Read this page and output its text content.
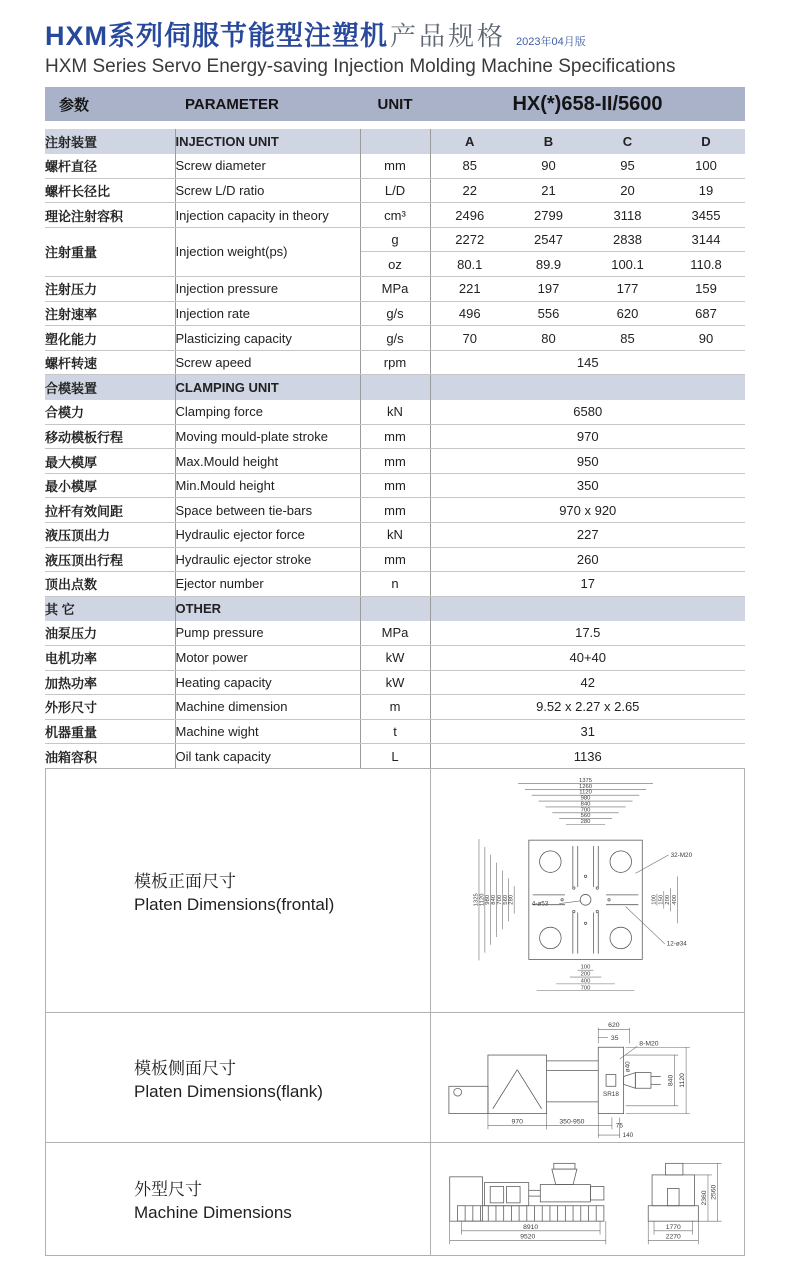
HXM系列伺服节能型注塑机 产品规格 2023年04月版
HXM Series Servo Energy-saving Injection Molding Machine Specifications
参数	PARAMETER	UNIT	HX(*)658-II/5600
注射装置	INJECTION UNIT		A	B	C	D
螺杆直径	Screw diameter	mm	85	90	95	100
螺杆长径比	Screw L/D ratio	L/D	22	21	20	19
理论注射容积	Injection capacity in theory	cm³	2496	2799	3118	3455
注射重量	Injection weight(ps)	g	2272	2547	2838	3144
		oz	80.1	89.9	100.1	110.8
注射压力	Injection pressure	MPa	221	197	177	159
注射速率	Injection rate	g/s	496	556	620	687
塑化能力	Plasticizing capacity	g/s	70	80	85	90
螺杆转速	Screw apeed	rpm	145			
合模装置	CLAMPING UNIT					
合模力	Clamping force	kN	6580			
移动模板行程	Moving mould-plate stroke	mm	970			
最大模厚	Max.Mould height	mm	950			
最小模厚	Min.Mould height	mm	350			
拉杆有效间距	Space between tie-bars	mm	970 x 920			
液压顶出力	Hydraulic ejector force	kN	227			
液压顶出行程	Hydraulic ejector stroke	mm	260			
顶出点数	Ejector number	n	17			
其 它	OTHER					
油泵压力	Pump pressure	MPa	17.5			
电机功率	Motor power	kW	40+40			
加热功率	Heating capacity	kW	42			
外形尺寸	Machine dimension	m	9.52 x 2.27 x 2.65			
机器重量	Machine wight	t	31			
油箱容积	Oil tank capacity	L	1136			
模板正面尺寸
Platen Dimensions(frontal)
1375
1260
1120
980
840
700
560
280
1325 1120 980 840 700 560 280	100 150 200 400
100
200
400
700
32-M20
12-ø34
4-ø53
模板侧面尺寸
Platen Dimensions(flank)
620
35
8-M20
ø40
SR18
840 1120
970	350-950
75
140
外型尺寸
Machine Dimensions
8910
9520
1770
2270
2360 2560
